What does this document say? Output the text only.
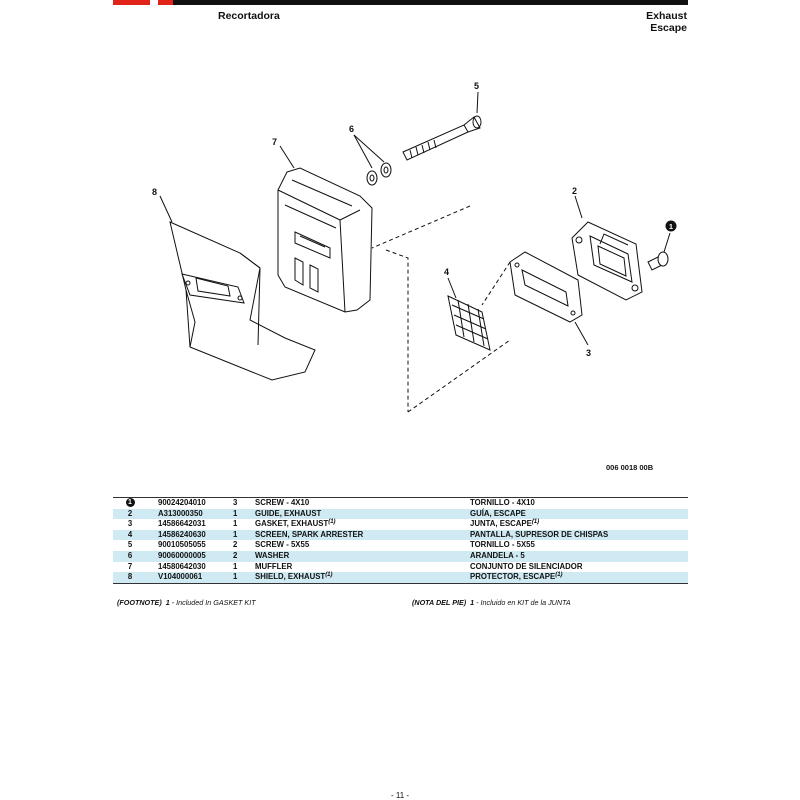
Recortadora	Exhaust
Escape
5
6
7
8	2
1
4
3
006 0018 00B
1	90024204010	3 SCREW - 4X10	TORNILLO - 4X10
2	A313000350	1 GUIDE, EXHAUST	GUÍA, ESCAPE
3	14586642031	1 GASKET, EXHAUST$^{(1)}$	JUNTA, ESCAPE$^{(1)}$
4	14586240630	1 SCREEN, SPARK ARRESTER	PANTALLA, SUPRESOR DE CHISPAS
5	90010505055	2 SCREW - 5X55	TORNILLO - 5X55
6	90060000005	2 WASHER	ARANDELA - 5
7	14580642030	1 MUFFLER	CONJUNTO DE SILENCIADOR
8	V104000061	1 SHIELD, EXHAUST$^{(1)}$	PROTECTOR, ESCAPE$^{(1)}$
(FOOTNOTE) 1 - Included In GASKET KIT	(NOTA DEL PIE) 1 - Incluido en KIT de la JUNTA
- 11 -
